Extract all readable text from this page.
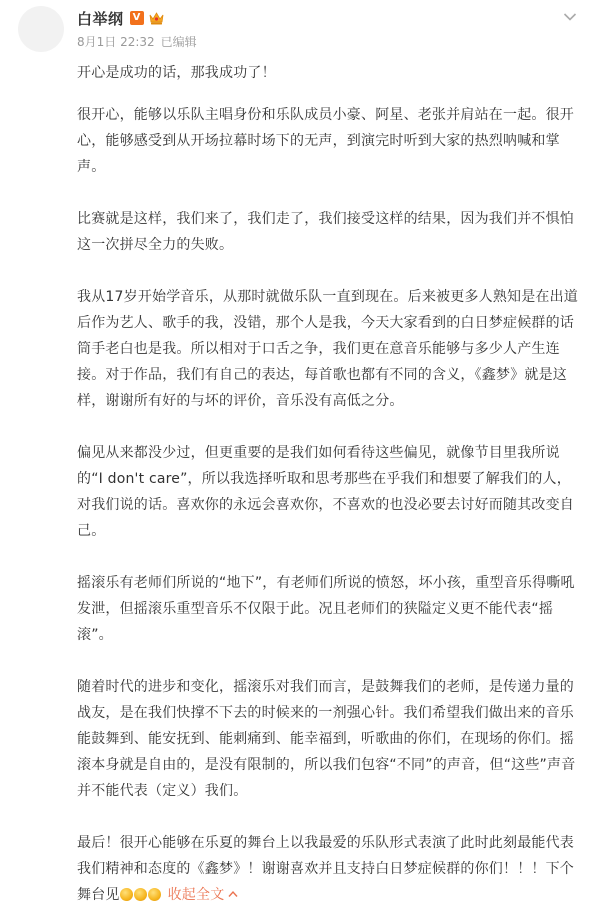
白举纲 V
8月1日 22:32 已编辑

开心是成功的话，那我成功了！

很开心，能够以乐队主唱身份和乐队成员小豪、阿星、老张并肩站在一起。很开心，能够感受到从开场拉幕时场下的无声，到演完时听到大家的热烈呐喊和掌声。

比赛就是这样，我们来了，我们走了，我们接受这样的结果，因为我们并不惧怕这一次拼尽全力的失败。

我从17岁开始学音乐，从那时就做乐队一直到现在。后来被更多人熟知是在出道后作为艺人、歌手的我，没错，那个人是我，今天大家看到的白日梦症候群的话筒手老白也是我。所以相对于口舌之争，我们更在意音乐能够与多少人产生连接。对于作品，我们有自己的表达，每首歌也都有不同的含义，《鑫梦》就是这样，谢谢所有好的与坏的评价，音乐没有高低之分。

偏见从来都没少过，但更重要的是我们如何看待这些偏见，就像节目里我所说的“I don't care”，所以我选择听取和思考那些在乎我们和想要了解我们的人，对我们说的话。喜欢你的永远会喜欢你，不喜欢的也没必要去讨好而随其改变自己。

摇滚乐有老师们所说的“地下”，有老师们所说的愤怒，坏小孩，重型音乐得嘶吼发泄，但摇滚乐重型音乐不仅限于此。况且老师们的狭隘定义更不能代表“摇滚”。

随着时代的进步和变化，摇滚乐对我们而言，是鼓舞我们的老师，是传递力量的战友，是在我们快撑不下去的时候来的一剂强心针。我们希望我们做出来的音乐能鼓舞到、能安抚到、能刺痛到、能幸福到，听歌曲的你们，在现场的你们。摇滚本身就是自由的，是没有限制的，所以我们包容“不同”的声音，但“这些”声音并不能代表（定义）我们。

最后！很开心能够在乐夏的舞台上以我最爱的乐队形式表演了此时此刻最能代表我们精神和态度的《鑫梦》！谢谢喜欢并且支持白日梦症候群的你们！！！下个舞台见	收起全文
